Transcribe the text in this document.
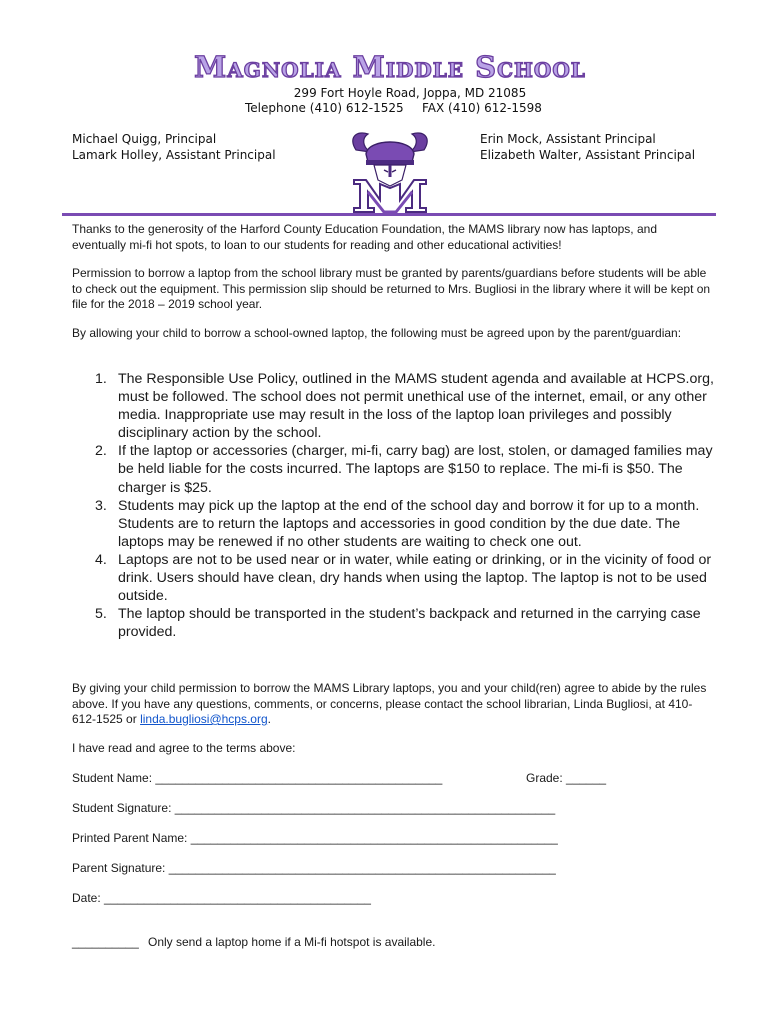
Magnolia Middle School
299 Fort Hoyle Road, Joppa, MD 21085
Telephone (410) 612-1525 FAX (410) 612-1598
Michael Quigg, Principal
Lamark Holley, Assistant Principal
Erin Mock, Assistant Principal
Elizabeth Walter, Assistant Principal
Thanks to the generosity of the Harford County Education Foundation, the MAMS library now has laptops, and eventually mi-fi hot spots, to loan to our students for reading and other educational activities!
Permission to borrow a laptop from the school library must be granted by parents/guardians before students will be able to check out the equipment. This permission slip should be returned to Mrs. Bugliosi in the library where it will be kept on file for the 2018 – 2019 school year.
By allowing your child to borrow a school-owned laptop, the following must be agreed upon by the parent/guardian:
1. The Responsible Use Policy, outlined in the MAMS student agenda and available at HCPS.org, must be followed. The school does not permit unethical use of the internet, email, or any other media. Inappropriate use may result in the loss of the laptop loan privileges and possibly disciplinary action by the school.
2. If the laptop or accessories (charger, mi-fi, carry bag) are lost, stolen, or damaged families may be held liable for the costs incurred. The laptops are $150 to replace. The mi-fi is $50. The charger is $25.
3. Students may pick up the laptop at the end of the school day and borrow it for up to a month. Students are to return the laptops and accessories in good condition by the due date. The laptops may be renewed if no other students are waiting to check one out.
4. Laptops are not to be used near or in water, while eating or drinking, or in the vicinity of food or drink. Users should have clean, dry hands when using the laptop. The laptop is not to be used outside.
5. The laptop should be transported in the student’s backpack and returned in the carrying case provided.
By giving your child permission to borrow the MAMS Library laptops, you and your child(ren) agree to abide by the rules above. If you have any questions, comments, or concerns, please contact the school librarian, Linda Bugliosi, at 410-612-1525 or linda.bugliosi@hcps.org.
I have read and agree to the terms above:
Student Name: ___________________________________________	Grade: ______
Student Signature: _________________________________________________________
Printed Parent Name: _______________________________________________________
Parent Signature: __________________________________________________________
Date: ________________________________________
__________ Only send a laptop home if a Mi-fi hotspot is available.
